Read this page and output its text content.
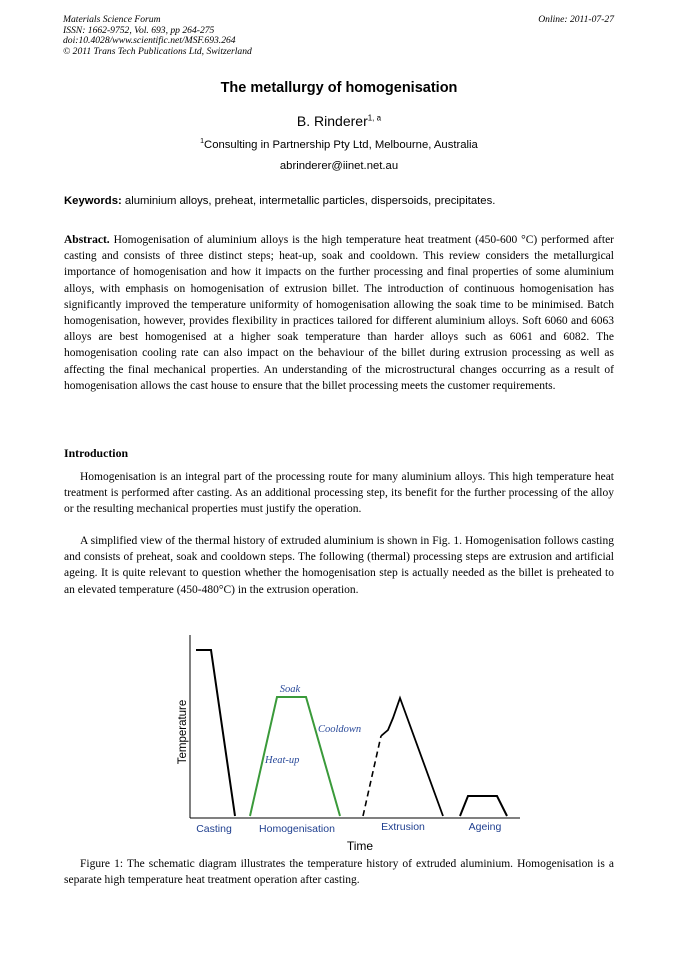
Materials Science Forum
ISSN: 1662-9752, Vol. 693, pp 264-275
doi:10.4028/www.scientific.net/MSF.693.264
© 2011 Trans Tech Publications Ltd, Switzerland
Online: 2011-07-27
The metallurgy of homogenisation
B. Rinderer$^{1, a}$
$^1$Consulting in Partnership Pty Ltd, Melbourne, Australia
abrinderer@iinet.net.au
Keywords: aluminium alloys, preheat, intermetallic particles, dispersoids, precipitates.
Abstract. Homogenisation of aluminium alloys is the high temperature heat treatment (450-600 °C) performed after casting and consists of three distinct steps; heat-up, soak and cooldown. This review considers the metallurgical importance of homogenisation and how it impacts on the further processing and final properties of some aluminium alloys, with emphasis on homogenisation of extrusion billet. The introduction of continuous homogenisation has significantly improved the temperature uniformity of homogenisation allowing the soak time to be minimised. Batch homogenisation, however, provides flexibility in practices tailored for different aluminium alloys. Soft 6060 and 6063 alloys are best homogenised at a higher soak temperature than harder alloys such as 6061 and 6082. The homogenisation cooling rate can also impact on the behaviour of the billet during extrusion processing as well as affecting the final mechanical properties. An understanding of the microstructural changes occurring as a result of homogenisation allows the cast house to ensure that the billet processing meets the customer requirements.
Introduction
Homogenisation is an integral part of the processing route for many aluminium alloys. This high temperature heat treatment is performed after casting. As an additional processing step, its benefit for the further processing of the alloy or the resulting mechanical properties must justify the operation.
A simplified view of the thermal history of extruded aluminium is shown in Fig. 1. Homogenisation follows casting and consists of preheat, soak and cooldown steps. The following (thermal) processing steps are extrusion and artificial ageing. It is quite relevant to question whether the homogenisation step is actually needed as the billet is preheated to an elevated temperature (450-480°C) in the extrusion operation.
Temperature
Time
Soak
Cooldown
Heat-up
Casting	Homogenisation	Extrusion	Ageing
Figure 1: The schematic diagram illustrates the temperature history of extruded aluminium. Homogenisation is a separate high temperature heat treatment operation after casting.
